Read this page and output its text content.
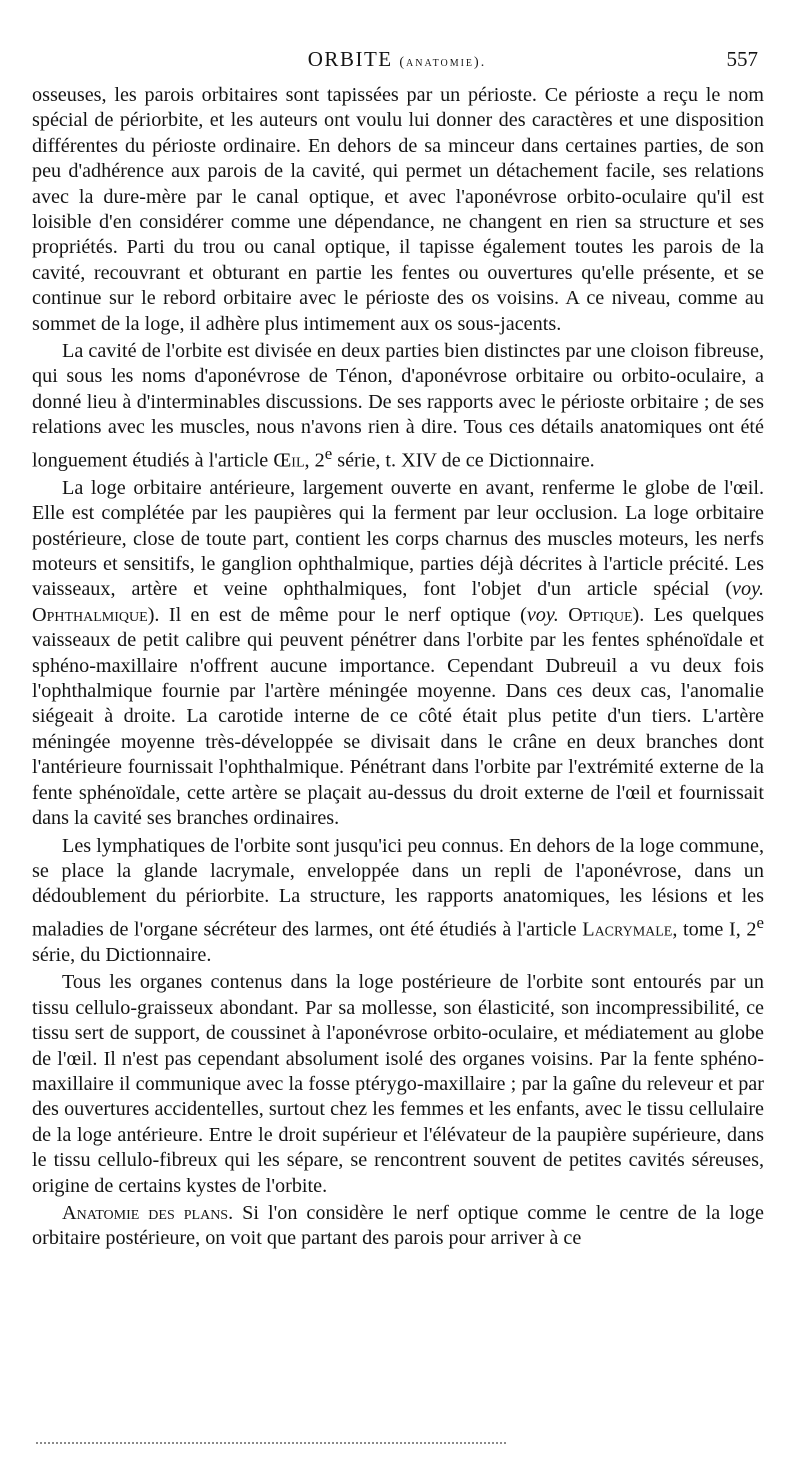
ORBITE (anatomie).	557

osseuses, les parois orbitaires sont tapissées par un périoste. Ce périoste a reçu le nom spécial de périorbite, et les auteurs ont voulu lui donner des caractères et une disposition différentes du périoste ordinaire. En dehors de sa minceur dans certaines parties, de son peu d'adhérence aux parois de la cavité, qui permet un détachement facile, ses relations avec la dure-mère par le canal optique, et avec l'aponévrose orbito-oculaire qu'il est loisible d'en considérer comme une dépendance, ne changent en rien sa structure et ses propriétés. Parti du trou ou canal optique, il tapisse également toutes les parois de la cavité, recouvrant et obturant en partie les fentes ou ouvertures qu'elle présente, et se continue sur le rebord orbitaire avec le périoste des os voisins. A ce niveau, comme au sommet de la loge, il adhère plus intimement aux os sous-jacents.

La cavité de l'orbite est divisée en deux parties bien distinctes par une cloison fibreuse, qui sous les noms d'aponévrose de Ténon, d'aponévrose orbitaire ou orbito-oculaire, a donné lieu à d'interminables discussions. De ses rapports avec le périoste orbitaire ; de ses relations avec les muscles, nous n'avons rien à dire. Tous ces détails anatomiques ont été longuement étudiés à l'article Œil, 2e série, t. XIV de ce Dictionnaire.

La loge orbitaire antérieure, largement ouverte en avant, renferme le globe de l'œil. Elle est complétée par les paupières qui la ferment par leur occlusion. La loge orbitaire postérieure, close de toute part, contient les corps charnus des muscles moteurs, les nerfs moteurs et sensitifs, le ganglion ophthalmique, parties déjà décrites à l'article précité. Les vaisseaux, artère et veine ophthalmiques, font l'objet d'un article spécial (voy. Ophthalmique). Il en est de même pour le nerf optique (voy. Optique). Les quelques vaisseaux de petit calibre qui peuvent pénétrer dans l'orbite par les fentes sphénoïdale et sphéno-maxillaire n'offrent aucune importance. Cependant Dubreuil a vu deux fois l'ophthalmique fournie par l'artère méningée moyenne. Dans ces deux cas, l'anomalie siégeait à droite. La carotide interne de ce côté était plus petite d'un tiers. L'artère méningée moyenne très-développée se divisait dans le crâne en deux branches dont l'antérieure fournissait l'ophthalmique. Pénétrant dans l'orbite par l'extrémité externe de la fente sphénoïdale, cette artère se plaçait au-dessus du droit externe de l'œil et fournissait dans la cavité ses branches ordinaires.

Les lymphatiques de l'orbite sont jusqu'ici peu connus. En dehors de la loge commune, se place la glande lacrymale, enveloppée dans un repli de l'aponévrose, dans un dédoublement du périorbite. La structure, les rapports anatomiques, les lésions et les maladies de l'organe sécréteur des larmes, ont été étudiés à l'article Lacrymale, tome I, 2e série, du Dictionnaire.

Tous les organes contenus dans la loge postérieure de l'orbite sont entourés par un tissu cellulo-graisseux abondant. Par sa mollesse, son élasticité, son incompressibilité, ce tissu sert de support, de coussinet à l'aponévrose orbito-oculaire, et médiatement au globe de l'œil. Il n'est pas cependant absolument isolé des organes voisins. Par la fente sphéno-maxillaire il communique avec la fosse ptérygo-maxillaire ; par la gaîne du releveur et par des ouvertures accidentelles, surtout chez les femmes et les enfants, avec le tissu cellulaire de la loge antérieure. Entre le droit supérieur et l'élévateur de la paupière supérieure, dans le tissu cellulo-fibreux qui les sépare, se rencontrent souvent de petites cavités séreuses, origine de certains kystes de l'orbite.

Anatomie des plans. Si l'on considère le nerf optique comme le centre de la loge orbitaire postérieure, on voit que partant des parois pour arriver à ce
